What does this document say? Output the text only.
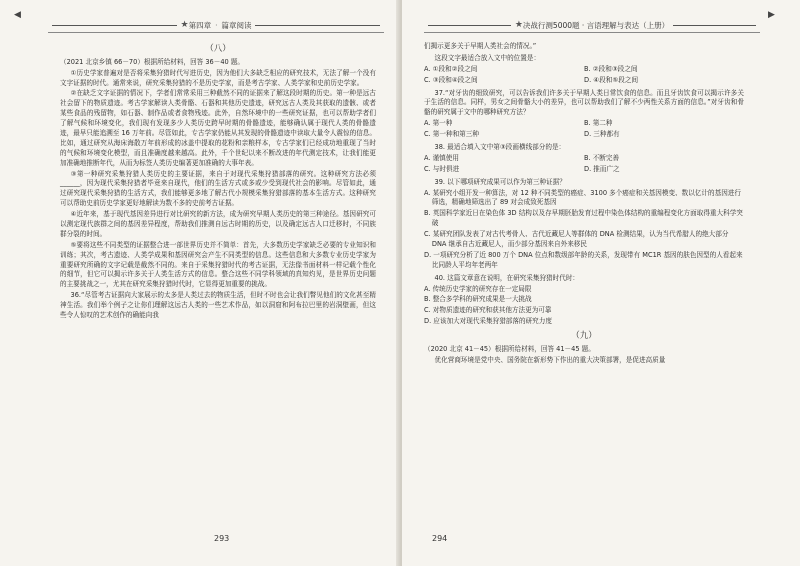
◀
★ 第四章 · 篇章阅读
（八）

（2021 北京乡镇 66－70）根据所给材料，回答 36－40 题。

①历史学家普遍对是否将采集狩猎时代写进历史，因为他们大多缺乏相应的研究技术，无法了解一个没有文字证据的时代。通常来说，研究采集狩猎的不是历史学家，而是考古学家、人类学家和史前历史学家。

②在缺乏文字证据的情况下，学者们常常采用三种截然不同的证据来了解这段时期的历史。第一种是远古社会留下的物质遗迹。考古学家解读人类骨骼、石器和其他历史遗迹，研究远古人类及其获取的遗骸、或者某些食品的残留物，如石器、制作品或者食物残迹。此外，自然环境中的一些研究证据，也可以帮助学者们了解气候和环境变化，我们现有发现多少人类历史跨早时期的骨骼遗迹，能够确认属于现代人类的骨骼遗迹，最早只能追溯至 16 万年前。尽管如此，专古学家仍能从其发现的骨骼遗迹中读取大量令人震惊的信息。比如，通过研究从海床海散万年前形成的冰盖中提取的花粉和亲粮样本，专古学家们已经成功地重现了当时的气候和环境变化模型，而且准确度越来越高。此外，千个世纪以来不断改进的年代测定技术，让我们能更加准确地推断年代，从而为标签人类历史编著更加准确的大事年表。

③第一种研究采集狩猎人类历史的主要证据，来自于对现代采集狩猎部落的研究。这种研究方法必须______，因为现代采集狩猎者毕竟来自现代，他们的生活方式或多或少受到现代社会的影响。尽管如此，通过研究现代采集狩猎的生活方式，我们能够更多地了解古代小规模采集狩猎部落的基本生活方式。这种研究可以帮助史前历史学家更好地解读为数不多的史前考古证据。

④近年来，基于现代基因差异进行对比研究的新方法，成为研究早期人类历史的第三种途径。基因研究可以测定现代族群之间的基因差异程度，帮助我们推测自远古时期的历史，以及确定远古人口迁移时，不同族群分裂的时间。

⑤要将这些不同类型的证据整合进一部世界历史并不简单：首先，大多数历史学家缺乏必要的专业知识和训练；其次，考古遗迹、人类学成果和基因研究会产生不同类型的信息。这些信息和大多数专业历史学家为重要研究所确的文字记载是截然不同的。来自于采集狩猎时代的考古证据，无法像书面材料一样记载个性化的细节，但它可以揭示许多关于人类生活方式的信息。整合这些不同学科领域的真知灼见，是世界历史问题的主要挑战之一，尤其在研究采集狩猎时代时，它显得更加重要的挑战。

36.“尽管考古证据向大家展示的太多是人类过去的物质生活，但时不时也会让我们瞥见他们的文化甚至精神生活。我们举个例子之让你们理解这远古人类的一些艺术作品，如以洞窟和阿布拉巴里的岩洞壁画，但这些令人惊叹的艺术创作的确能向我

293
▶
★ 决战行测5000题 · 言语理解与表达（上册）

们揭示更多关于早期人类社会的情况。”

这段文字最适合放入文中的位置是：

A. ①段和②段之间	B. ②段和③段之间
C. ③段和④段之间	D. ④段和⑤段之间

37.“对牙齿的细致研究，可以告诉我们许多关于早期人类日常饮食的信息。而且牙齿饮食可以揭示许多关于生活的信息。同样，男女之间骨骼大小的差异，也可以帮助我们了解不少两性关系方面的信息。”对牙齿和骨骼的研究属于文中的哪种研究方法？

A. 第一种	B. 第二种
C. 第一种和第三种	D. 三种都有

38. 最适合填入文中第③段画横线部分的是：

A. 谨慎使用	B. 不断完善
C. 与时俱进	D. 推而广之

39. 以下哪项研究成果可以作为第三种证据？

A. 某研究小组开发一种算法，对 12 种不同类型的癌症、3100 多个癌症和关基因模变、数以亿计的基因进行筛选，精确地筛选出了 89 对会成致死基因
B. 英国科学家近日在染色体 3D 结构以及存早期胚胎发育过程中染色体结构的重编程变化方面取得重大科学突破
C. 某研究团队发表了对古代考骨人、古代近藏尼人等群体的 DNA 检测结果，认为当代希腊人的绝大部分 DNA 继承自古近藏尼人，而少部分基因来自外来移民
D. 一项研究分析了近 800 万个 DNA 位点和数级部年龄的关系，发现带有 MC1R 基因的肤色因型的人看起来比同龄人平均年老两年

40. 这篇文章意在说明，在研究采集狩猎时代时：

A. 传统历史学家的研究存在一定局限
B. 整合多学科的研究成果是一大挑战
C. 对物质遗迹的研究和获其他方法更为可靠
D. 应该加大对现代采集狩猎部落的研究力度
（九）

（2020 北京 41－45）根据所给材料，回答 41－45 题。

优化营商环境是党中央、国务院在新形势下作出的重大决策部署，是促进高质量

294
